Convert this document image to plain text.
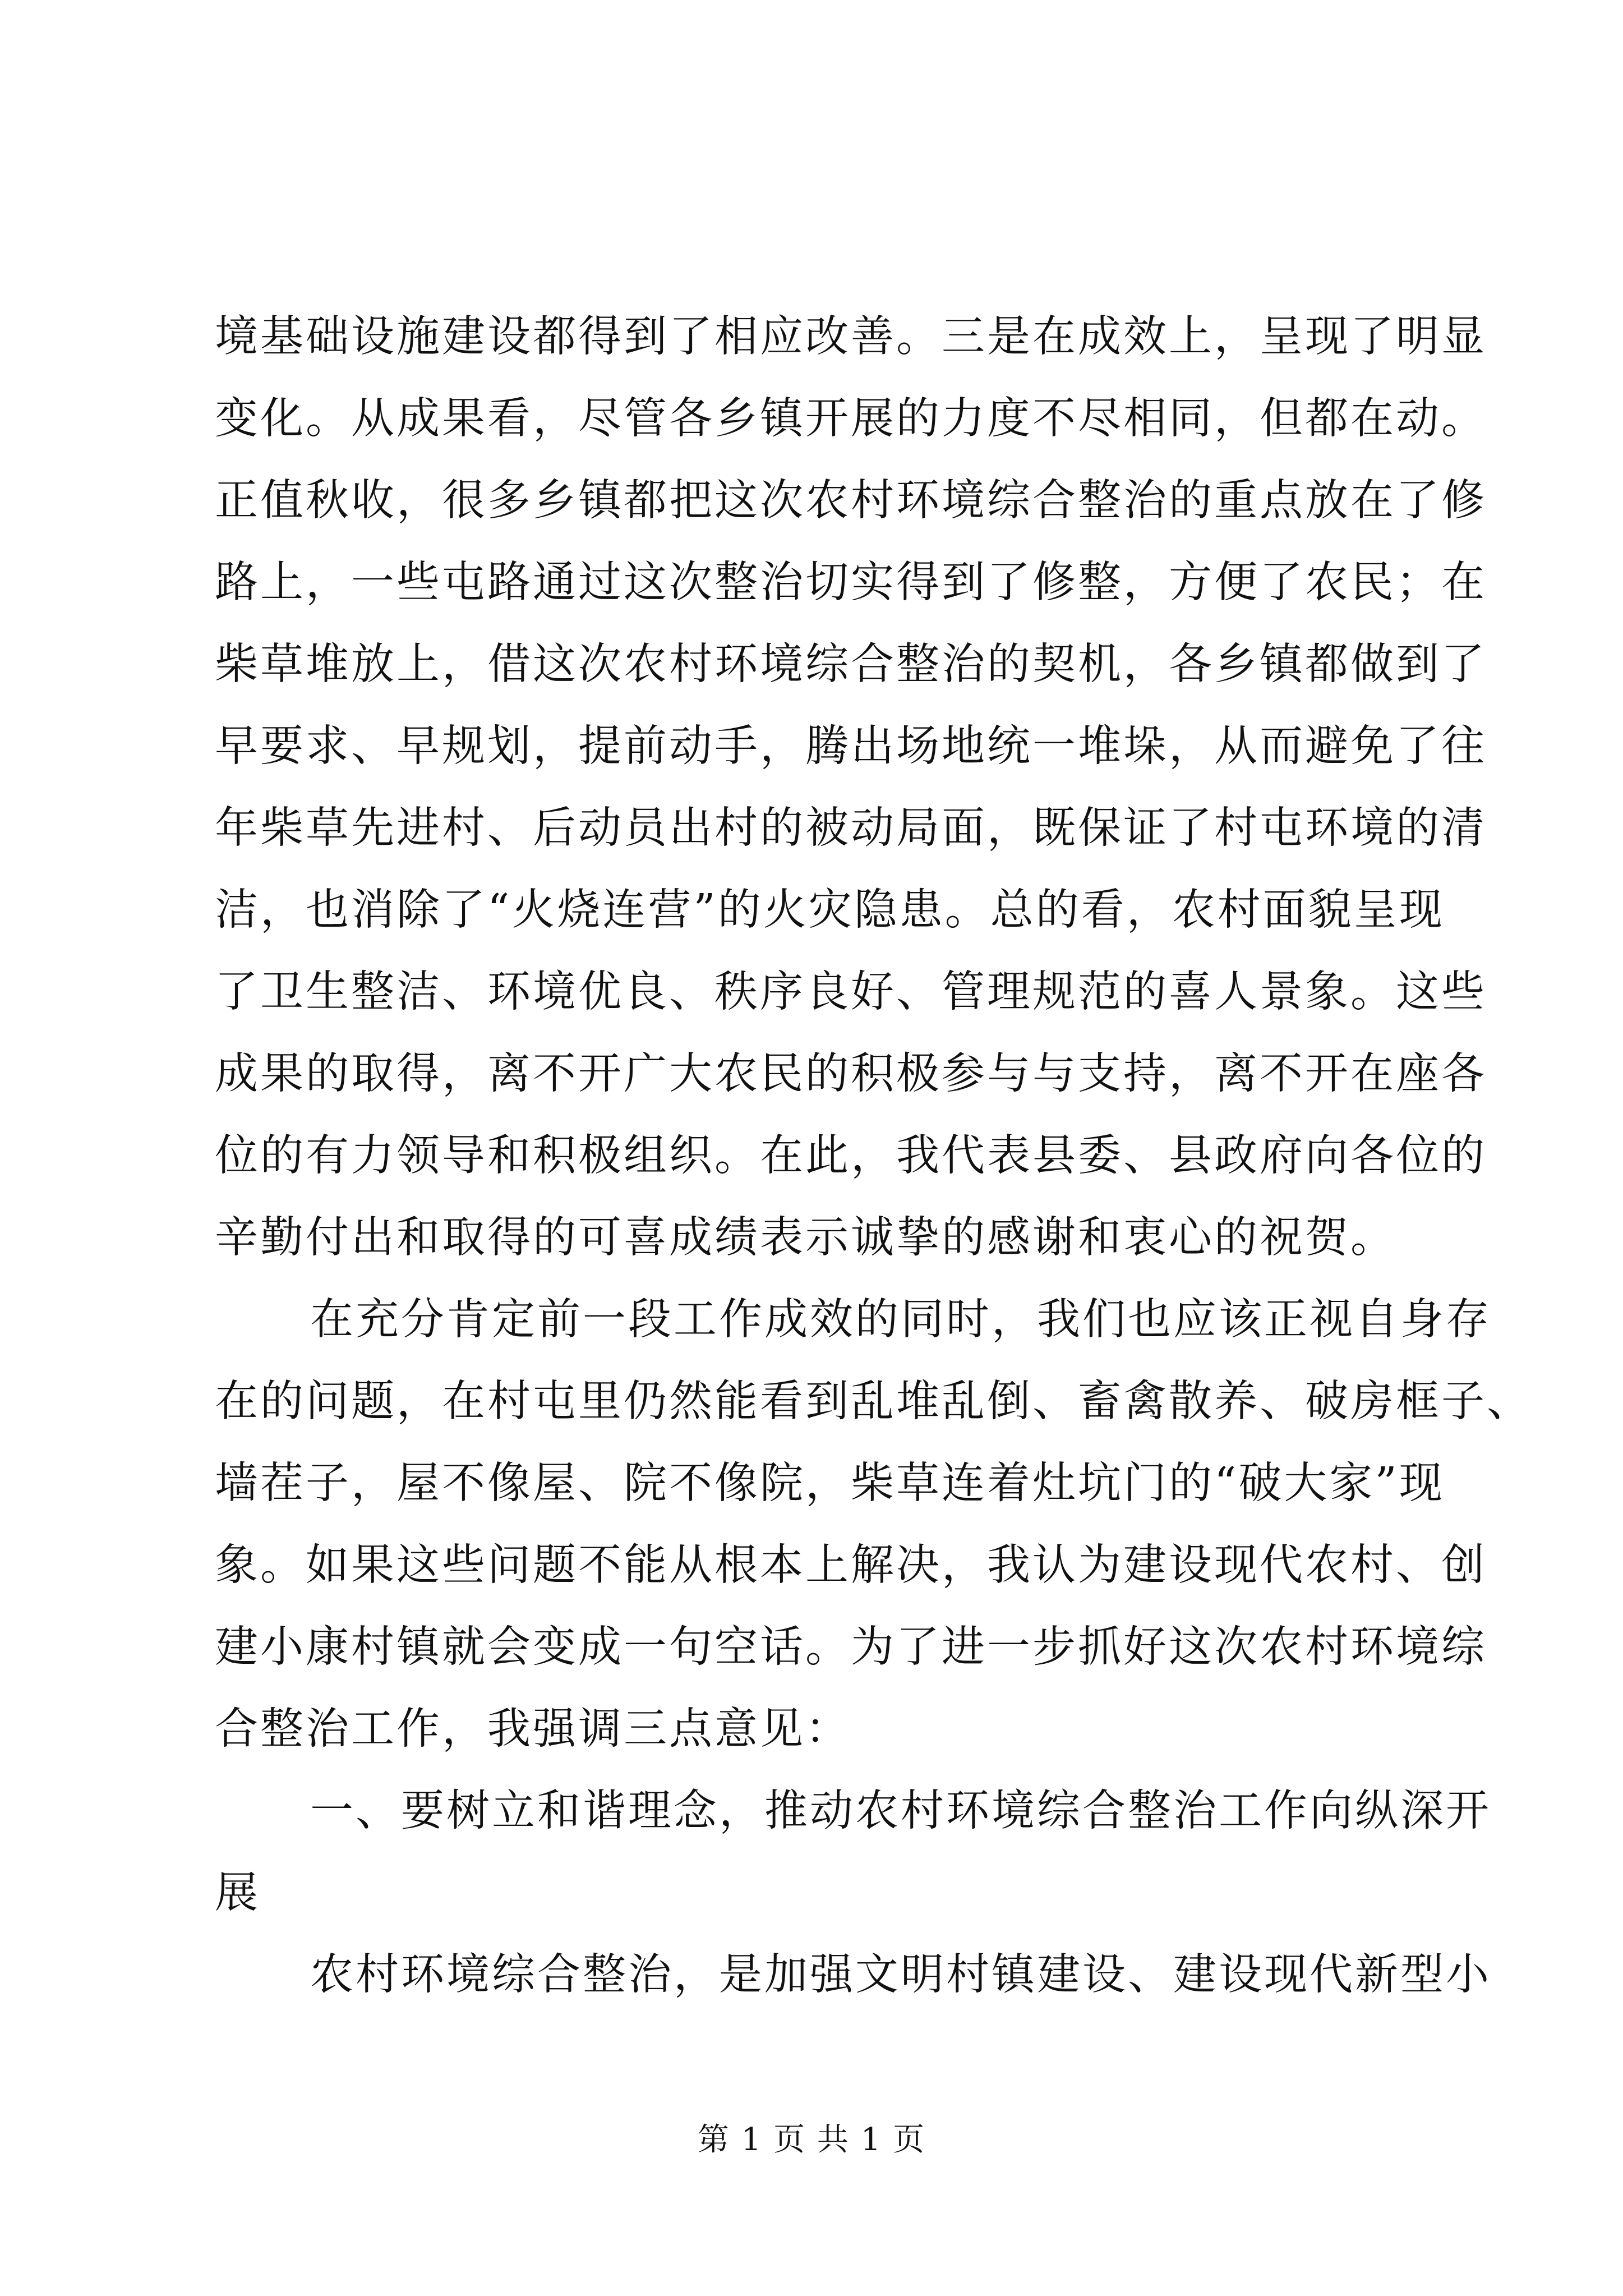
境基础设施建设都得到了相应改善。三是在成效上，呈现了明显
变化。从成果看，尽管各乡镇开展的力度不尽相同，但都在动。
正值秋收，很多乡镇都把这次农村环境综合整治的重点放在了修
路上，一些屯路通过这次整治切实得到了修整，方便了农民；在
柴草堆放上，借这次农村环境综合整治的契机，各乡镇都做到了
早要求、早规划，提前动手，腾出场地统一堆垛，从而避免了往
年柴草先进村、后动员出村的被动局面，既保证了村屯环境的清
洁，也消除了“火烧连营”的火灾隐患。总的看，农村面貌呈现
了卫生整洁、环境优良、秩序良好、管理规范的喜人景象。这些
成果的取得，离不开广大农民的积极参与与支持，离不开在座各
位的有力领导和积极组织。在此，我代表县委、县政府向各位的
辛勤付出和取得的可喜成绩表示诚挚的感谢和衷心的祝贺。
在充分肯定前一段工作成效的同时，我们也应该正视自身存
在的问题，在村屯里仍然能看到乱堆乱倒、畜禽散养、破房框子、
墙茬子，屋不像屋、院不像院，柴草连着灶坑门的“破大家”现
象。如果这些问题不能从根本上解决，我认为建设现代农村、创
建小康村镇就会变成一句空话。为了进一步抓好这次农村环境综
合整治工作，我强调三点意见：
一、要树立和谐理念，推动农村环境综合整治工作向纵深开
展
农村环境综合整治，是加强文明村镇建设、建设现代新型小
第 1 页 共 1 页
